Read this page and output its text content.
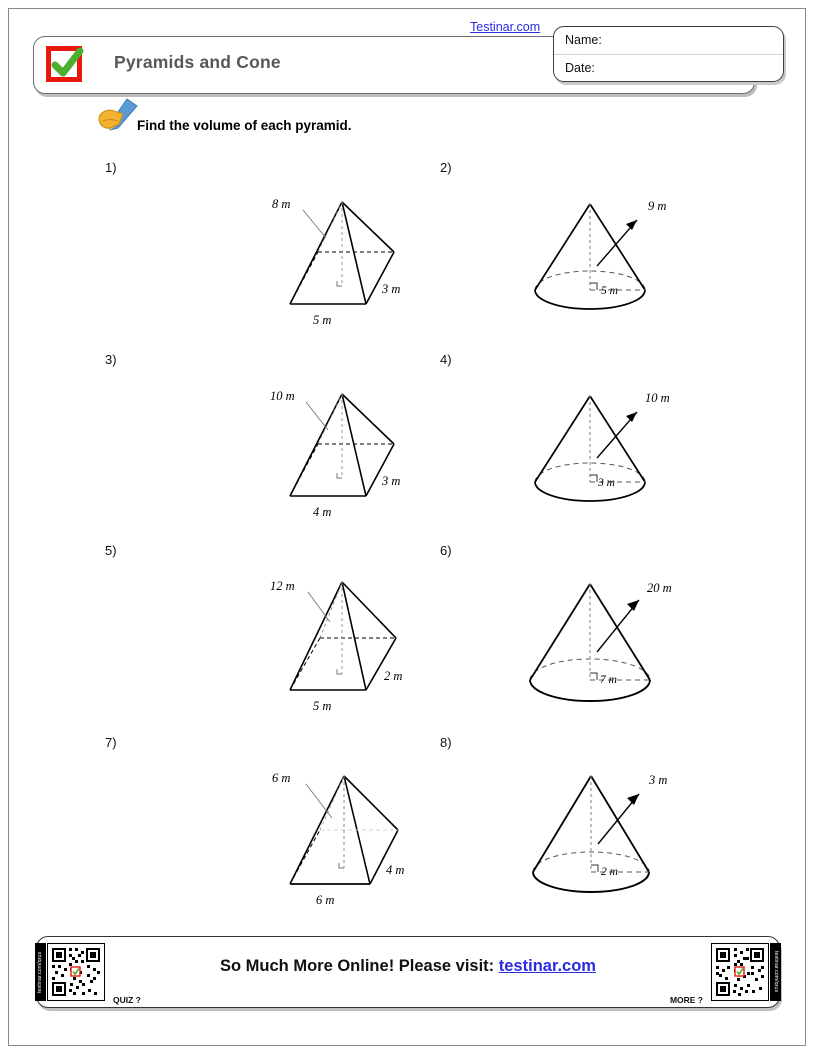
Testinar.com
Pyramids and Cone
Name:
Date:
Find the volume of each pyramid.
1)
8 m
3 m
5 m
2)
9 m
5 m
3)
10 m
3 m
4 m
4)
10 m
3 m
5)
12 m
2 m
5 m
6)
20 m
7 m
7)
6 m
4 m
6 m
8)
3 m
2 m
testinar.com/qrus
QUIZ ?
So Much More Online! Please visit: testinar.com	testinar.com/qrus
MORE ?
